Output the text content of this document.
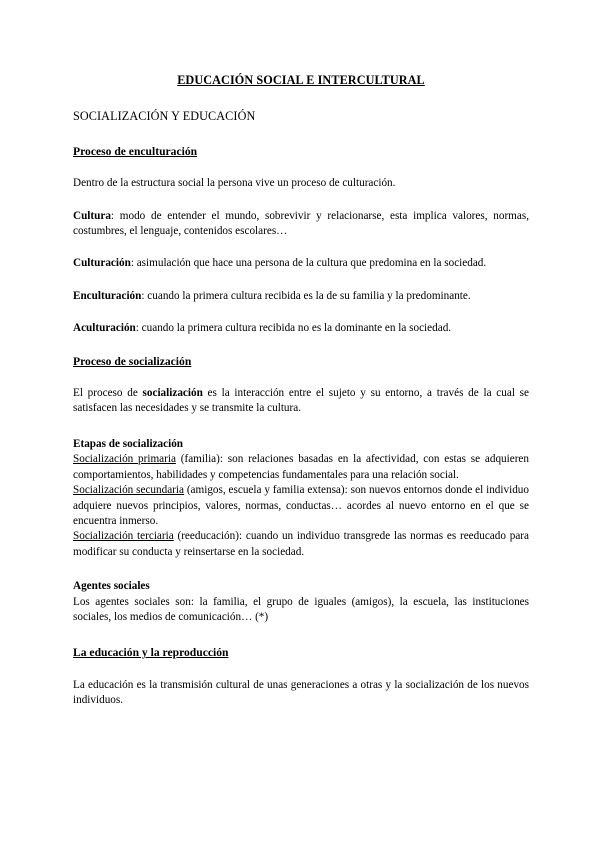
EDUCACIÓN SOCIAL E INTERCULTURAL
SOCIALIZACIÓN Y EDUCACIÓN
Proceso de enculturación

Dentro de la estructura social la persona vive un proceso de culturación.

Cultura: modo de entender el mundo, sobrevivir y relacionarse, esta implica valores, normas, costumbres, el lenguaje, contenidos escolares…

Culturación: asimulación que hace una persona de la cultura que predomina en la sociedad.

Enculturación: cuando la primera cultura recibida es la de su familia y la predominante.

Aculturación: cuando la primera cultura recibida no es la dominante en la sociedad.

Proceso de socialización

El proceso de socialización es la interacción entre el sujeto y su entorno, a través de la cual se satisfacen las necesidades y se transmite la cultura.

Etapas de socialización

Socialización primaria (familia): son relaciones basadas en la afectividad, con estas se adquieren comportamientos, habilidades y competencias fundamentales para una relación social.

Socialización secundaria (amigos, escuela y familia extensa): son nuevos entornos donde el individuo adquiere nuevos principios, valores, normas, conductas… acordes al nuevo entorno en el que se encuentra inmerso.

Socialización terciaria (reeducación): cuando un individuo transgrede las normas es reeducado para modificar su conducta y reinsertarse en la sociedad.

Agentes sociales

Los agentes sociales son: la familia, el grupo de iguales (amigos), la escuela, las instituciones sociales, los medios de comunicación… (*)

La educación y la reproducción

La educación es la transmisión cultural de unas generaciones a otras y la socialización de los nuevos individuos.
